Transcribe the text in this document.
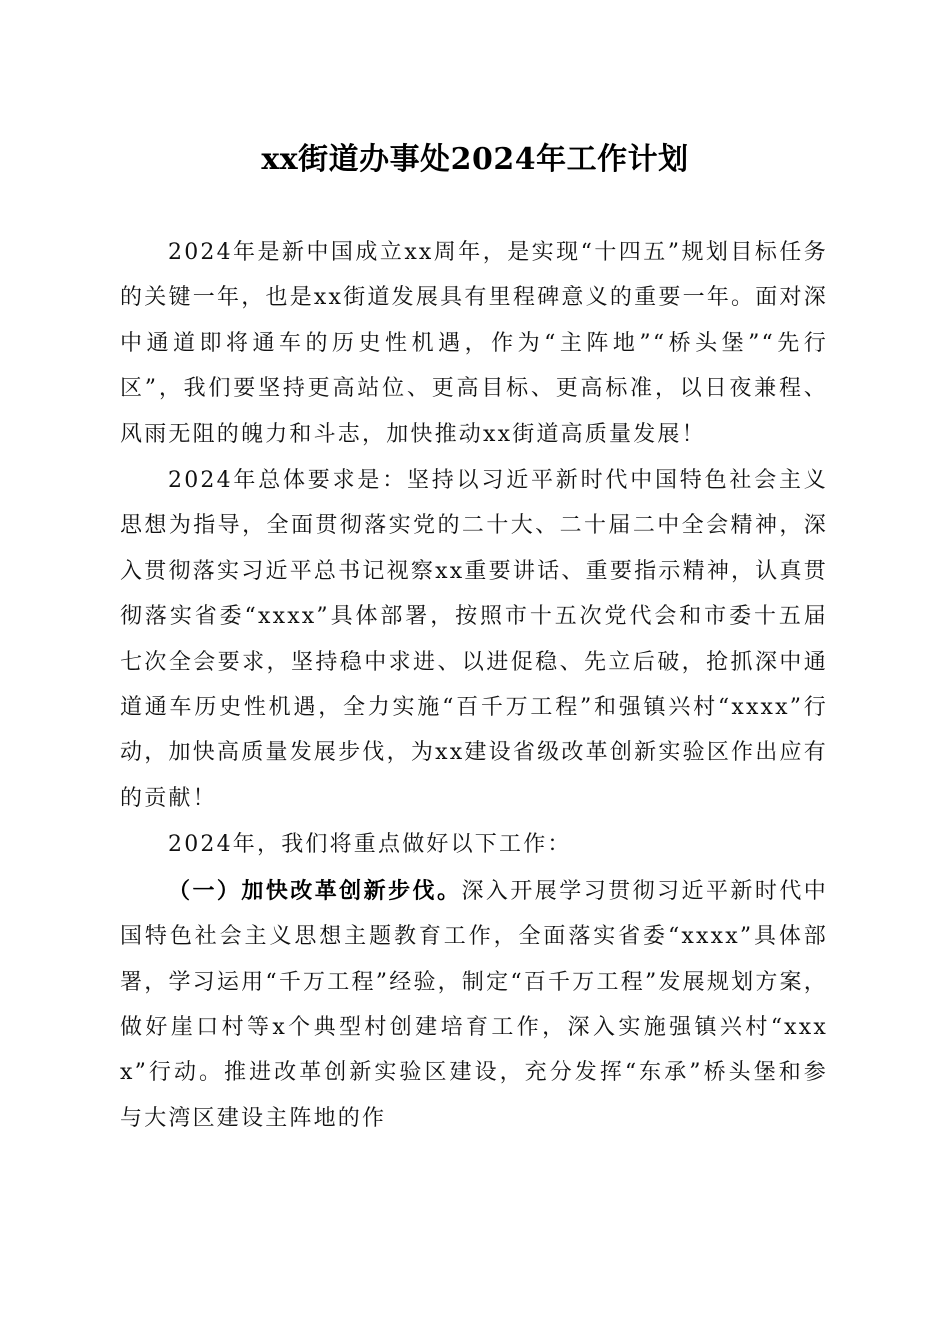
xx街道办事处2024年工作计划

2024年是新中国成立xx周年，是实现“十四五”规划目标任务的关键一年，也是xx街道发展具有里程碑意义的重要一年。面对深中通道即将通车的历史性机遇，作为“主阵地”“桥头堡”“先行区”，我们要坚持更高站位、更高目标、更高标准，以日夜兼程、风雨无阻的魄力和斗志，加快推动xx街道高质量发展！

2024年总体要求是：坚持以习近平新时代中国特色社会主义思想为指导，全面贯彻落实党的二十大、二十届二中全会精神，深入贯彻落实习近平总书记视察xx重要讲话、重要指示精神，认真贯彻落实省委“xxxx”具体部署，按照市十五次党代会和市委十五届七次全会要求，坚持稳中求进、以进促稳、先立后破，抢抓深中通道通车历史性机遇，全力实施“百千万工程”和强镇兴村“xxxx”行动，加快高质量发展步伐，为xx建设省级改革创新实验区作出应有的贡献！

2024年，我们将重点做好以下工作：

（一）加快改革创新步伐。深入开展学习贯彻习近平新时代中国特色社会主义思想主题教育工作，全面落实省委“xxxx”具体部署，学习运用“千万工程”经验，制定“百千万工程”发展规划方案，做好崖口村等x个典型村创建培育工作，深入实施强镇兴村“xxxx”行动。推进改革创新实验区建设，充分发挥“东承”桥头堡和参与大湾区建设主阵地的作
